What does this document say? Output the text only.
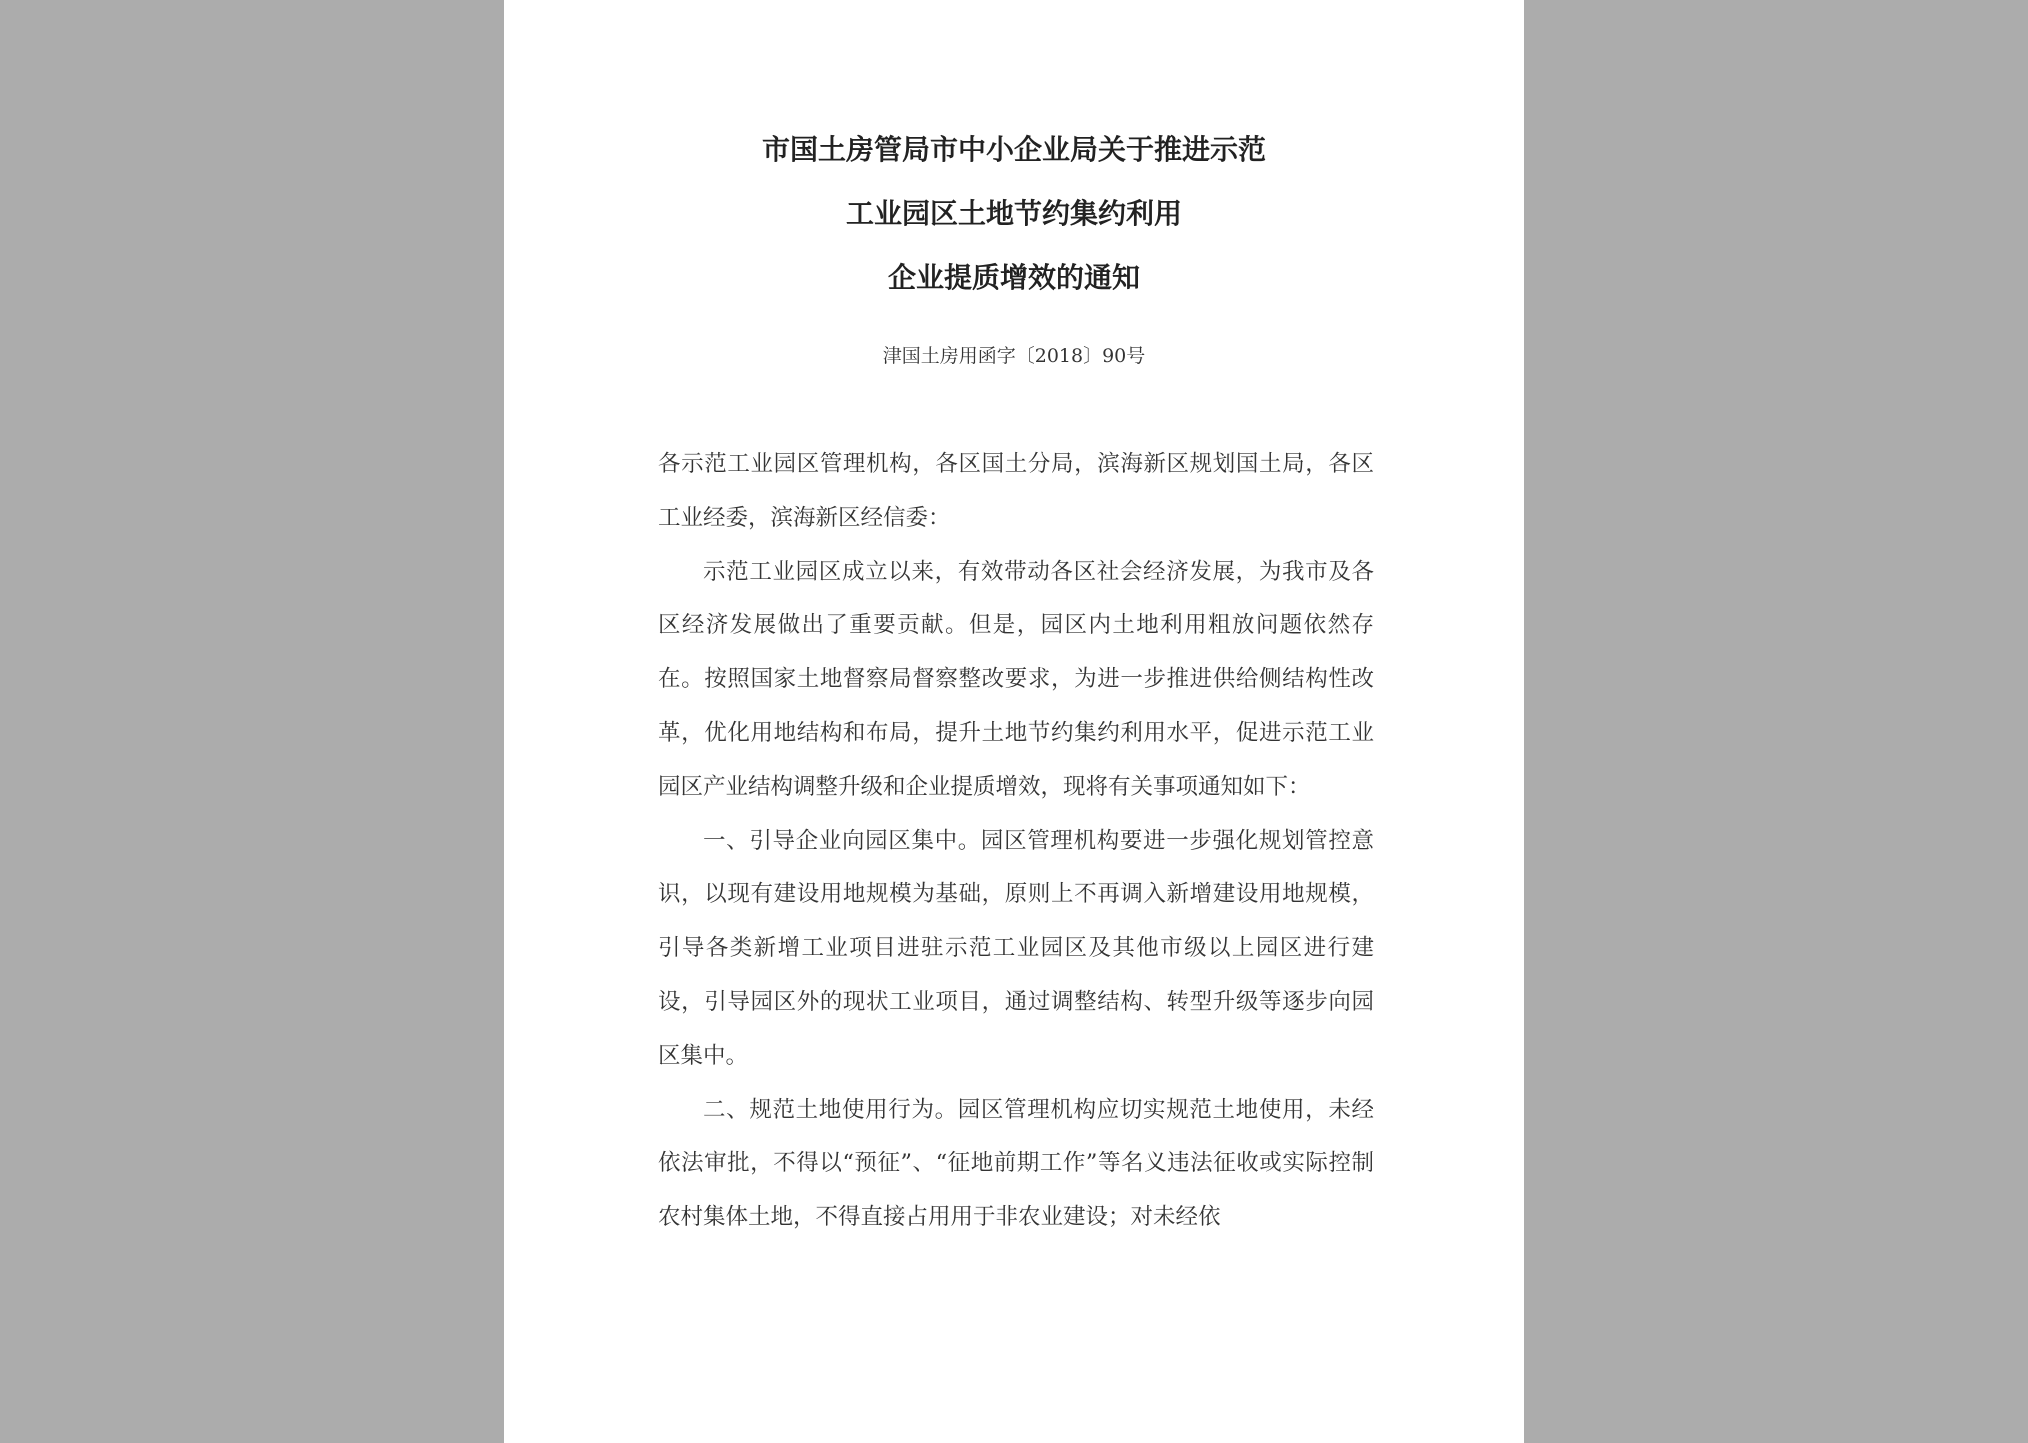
市国土房管局市中小企业局关于推进示范
工业园区土地节约集约利用
企业提质增效的通知
津国土房用函字〔2018〕90号

各示范工业园区管理机构，各区国土分局，滨海新区规划国土局，各区工业经委，滨海新区经信委：

示范工业园区成立以来，有效带动各区社会经济发展，为我市及各区经济发展做出了重要贡献。但是，园区内土地利用粗放问题依然存在。按照国家土地督察局督察整改要求，为进一步推进供给侧结构性改革，优化用地结构和布局，提升土地节约集约利用水平，促进示范工业园区产业结构调整升级和企业提质增效，现将有关事项通知如下：

一、引导企业向园区集中。园区管理机构要进一步强化规划管控意识，以现有建设用地规模为基础，原则上不再调入新增建设用地规模，引导各类新增工业项目进驻示范工业园区及其他市级以上园区进行建设，引导园区外的现状工业项目，通过调整结构、转型升级等逐步向园区集中。

二、规范土地使用行为。园区管理机构应切实规范土地使用，未经依法审批，不得以“预征”、“征地前期工作”等名义违法征收或实际控制农村集体土地，不得直接占用用于非农业建设；对未经依
